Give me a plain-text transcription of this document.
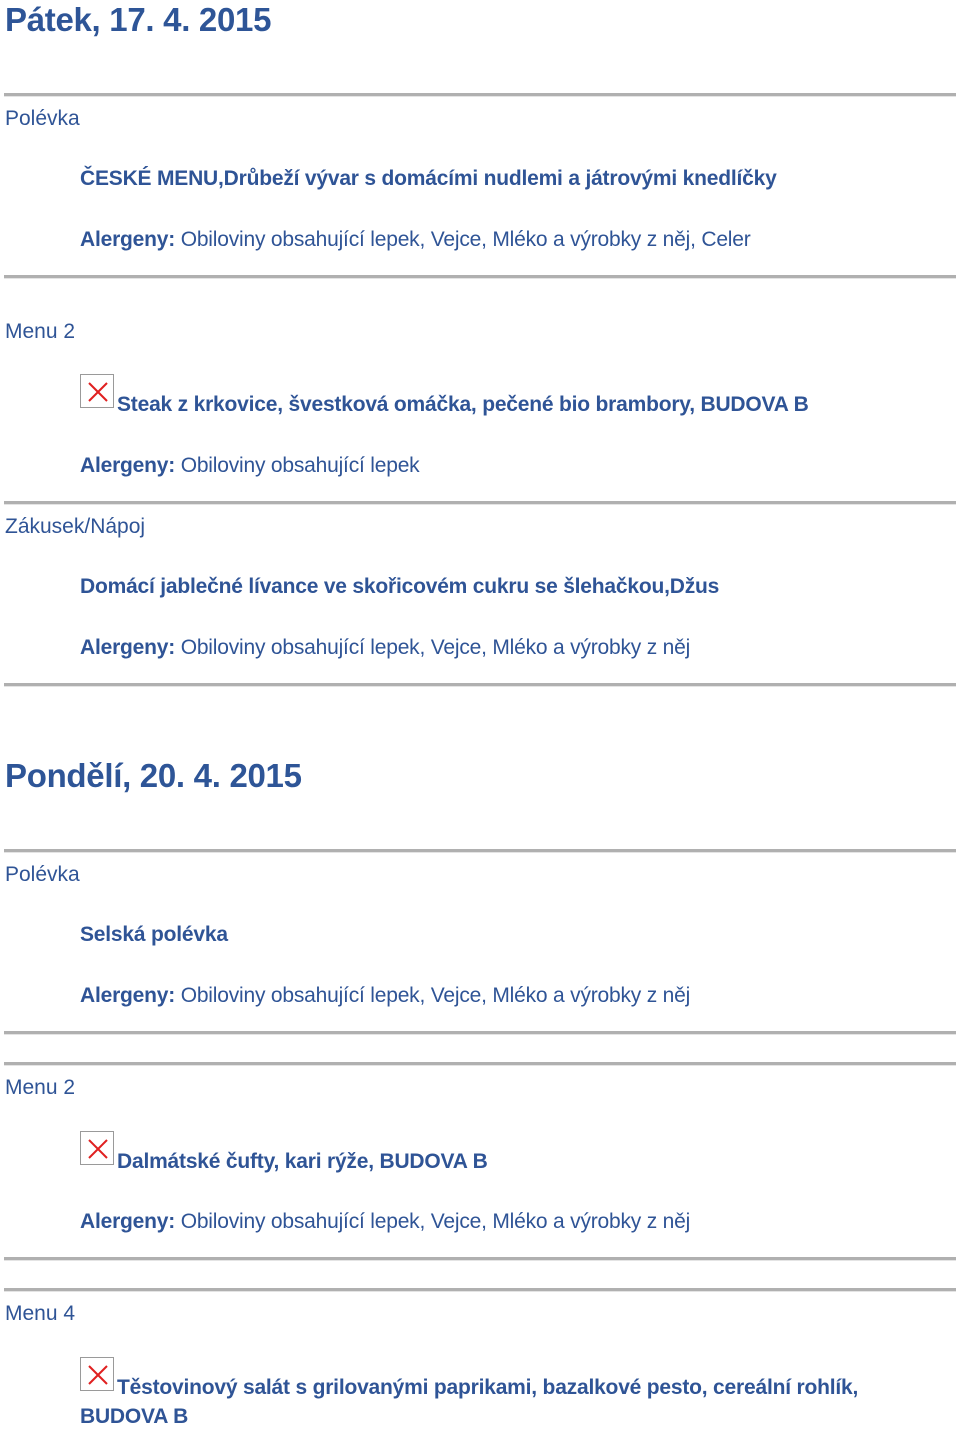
Pátek, 17. 4. 2015
Polévka
ČESKÉ MENU,Drůbeží vývar s domácími nudlemi a játrovými knedlíčky
Alergeny: Obiloviny obsahující lepek, Vejce, Mléko a výrobky z něj, Celer
Menu 2
Steak z krkovice, švestková omáčka, pečené bio brambory, BUDOVA B
Alergeny: Obiloviny obsahující lepek
Zákusek/Nápoj
Domácí jablečné lívance ve skořicovém cukru se šlehačkou,Džus
Alergeny: Obiloviny obsahující lepek, Vejce, Mléko a výrobky z něj
Pondělí, 20. 4. 2015
Polévka
Selská polévka
Alergeny: Obiloviny obsahující lepek, Vejce, Mléko a výrobky z něj
Menu 2
Dalmátské čufty, kari rýže, BUDOVA B
Alergeny: Obiloviny obsahující lepek, Vejce, Mléko a výrobky z něj
Menu 4
Těstovinový salát s grilovanými paprikami, bazalkové pesto, cereální rohlík,
BUDOVA B
